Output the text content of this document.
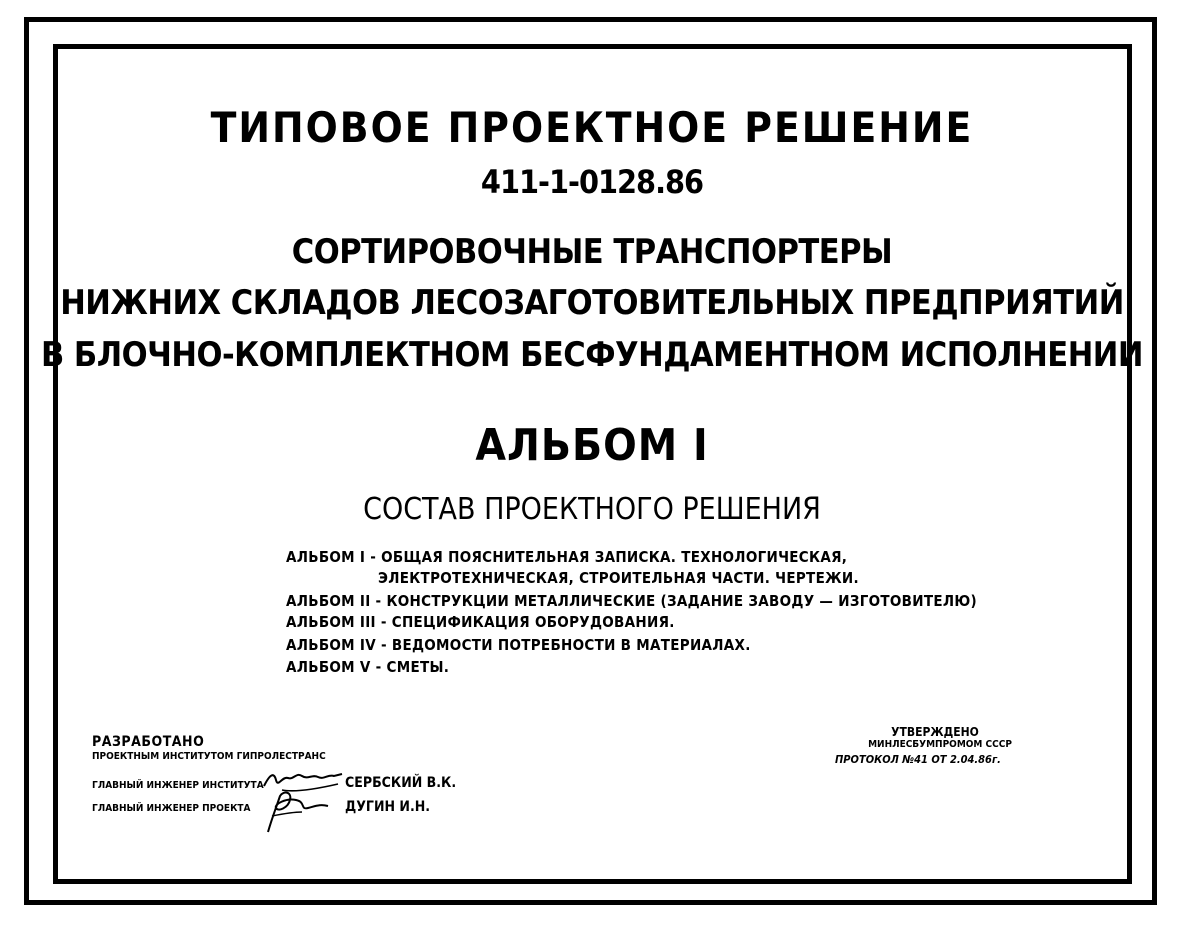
ТИПОВОЕ ПРОЕКТНОЕ РЕШЕНИЕ
411-1-0128.86
СОРТИРОВОЧНЫЕ ТРАНСПОРТЕРЫ
НИЖНИХ СКЛАДОВ ЛЕСОЗАГОТОВИТЕЛЬНЫХ ПРЕДПРИЯТИЙ
В БЛОЧНО-КОМПЛЕКТНОМ БЕСФУНДАМЕНТНОМ ИСПОЛНЕНИИ
АЛЬБОМ I
СОСТАВ ПРОЕКТНОГО РЕШЕНИЯ
АЛЬБОМ I - ОБЩАЯ ПОЯСНИТЕЛЬНАЯ ЗАПИСКА. ТЕХНОЛОГИЧЕСКАЯ,
ЭЛЕКТРОТЕХНИЧЕСКАЯ, СТРОИТЕЛЬНАЯ ЧАСТИ. ЧЕРТЕЖИ.
АЛЬБОМ II - КОНСТРУКЦИИ МЕТАЛЛИЧЕСКИЕ (ЗАДАНИЕ ЗАВОДУ — ИЗГОТОВИТЕЛЮ)
АЛЬБОМ III - СПЕЦИФИКАЦИЯ ОБОРУДОВАНИЯ.
АЛЬБОМ IV - ВЕДОМОСТИ ПОТРЕБНОСТИ В МАТЕРИАЛАХ.
АЛЬБОМ V - СМЕТЫ.
РАЗРАБОТАНО
ПРОЕКТНЫМ ИНСТИТУТОМ ГИПРОЛЕСТРАНС
ГЛАВНЫЙ ИНЖЕНЕР ИНСТИТУТА	СЕРБСКИЙ В.К.
ГЛАВНЫЙ ИНЖЕНЕР ПРОЕКТА	ДУГИН И.Н.
УТВЕРЖДЕНО
МИНЛЕСБУМПРОМОМ СССР
ПРОТОКОЛ №41 ОТ 2.04.86г.
